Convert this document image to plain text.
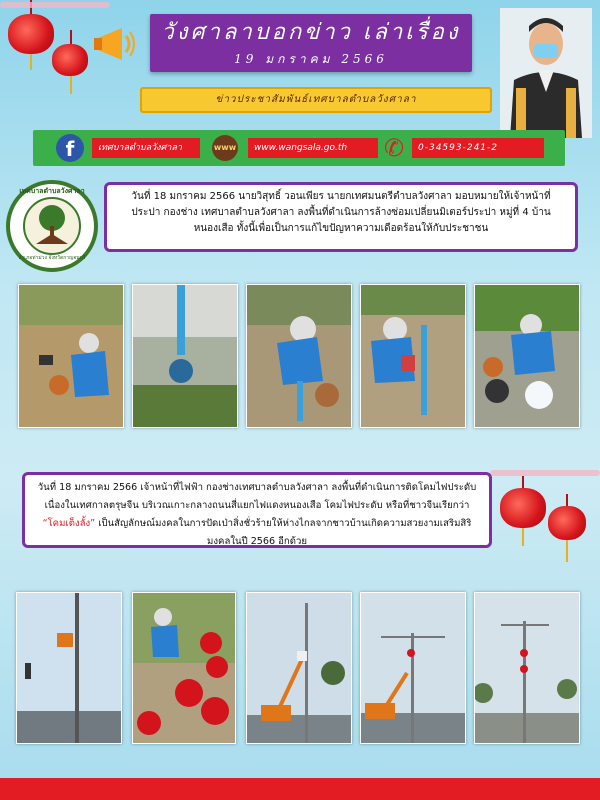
วังศาลาบอกข่าว เล่าเรื่อง
19 มกราคม 2566
ข่าวประชาสัมพันธ์เทศบาลตำบลวังศาลา
f	เทศบาลตำบลวังศาลา	www	www.wangsala.go.th	✆	0-34593-241-2
เทศบาลตำบลวังศาลา
อำเภอท่าม่วง จังหวัดกาญจนบุรี
วันที่ 18 มกราคม 2566 นายวิสุทธิ์ วอนเพียร นายกเทศมนตรีตำบลวังศาลา มอบหมายให้เจ้าหน้าที่ประปา กองช่าง เทศบาลตำบลวังศาลา ลงพื้นที่ดำเนินการล้างซ่อมเปลี่ยนมิเตอร์ประปา หมู่ที่ 4 บ้านหนองเสือ ทั้งนี้เพื่อเป็นการแก้ไขปัญหาความเดือดร้อนให้กับประชาชน
วันที่ 18 มกราคม 2566 เจ้าหน้าที่ไฟฟ้า กองช่างเทศบาลตำบลวังศาลา ลงพื้นที่ดำเนินการติดโคมไฟประดับ เนื่องในเทศกาลตรุษจีน บริเวณเกาะกลางถนนสี่แยกไฟแดงหนองเสือ โคมไฟประดับ หรือที่ชาวจีนเรียกว่า “โคมเต็งลั้ง” เป็นสัญลักษณ์มงคลในการปัดเป่าสิ่งชั่วร้ายให้ห่างไกลจากชาวบ้านเกิดความสวยงามเสริมสิริมงคลในปี 2566 อีกด้วย
